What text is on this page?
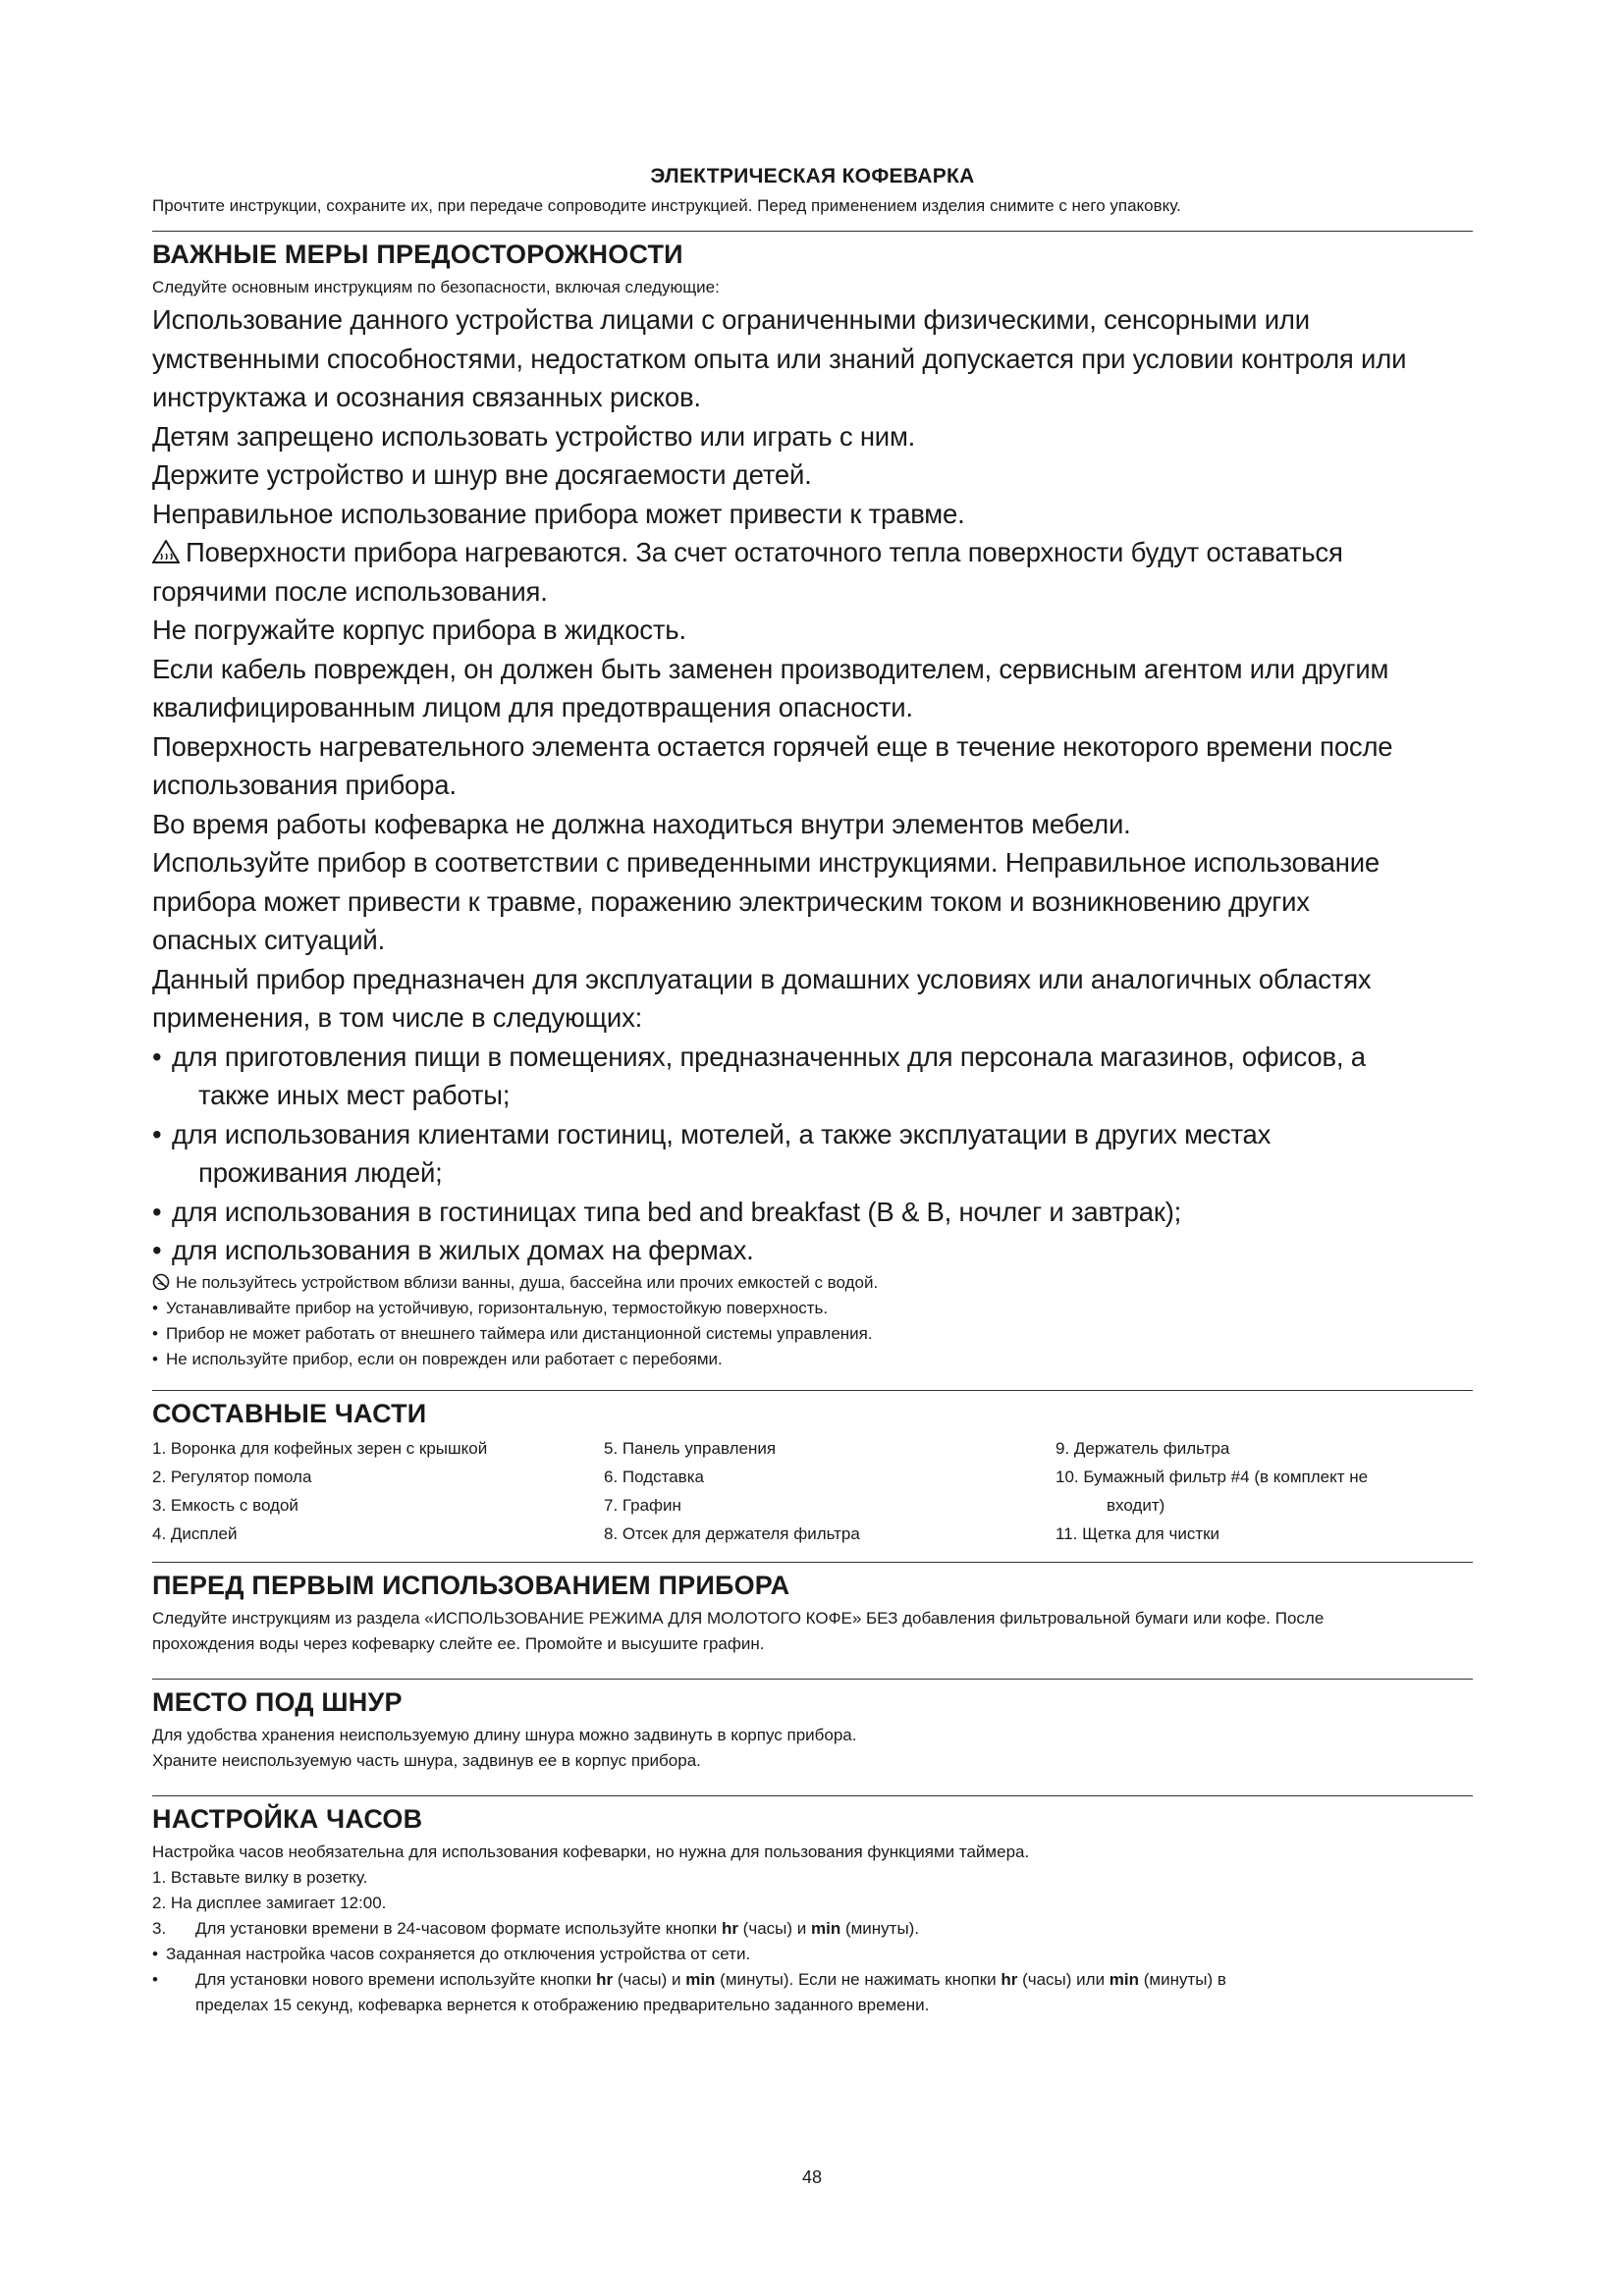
ЭЛЕКТРИЧЕСКАЯ КОФЕВАРКА

Прочтите инструкции, сохраните их, при передаче сопроводите инструкцией. Перед применением изделия снимите с него упаковку.

ВАЖНЫЕ МЕРЫ ПРЕДОСТОРОЖНОСТИ

Следуйте основным инструкциям по безопасности, включая следующие:

Использование данного устройства лицами с ограниченными физическими, сенсорными или

умственными способностями, недостатком опыта или знаний допускается при условии контроля или

инструктажа и осознания связанных рисков.

Детям запрещено использовать устройство или играть с ним.

Держите устройство и шнур вне досягаемости детей.

Неправильное использование прибора может привести к травме.

Поверхности прибора нагреваются. За счет остаточного тепла поверхности будут оставаться

горячими после использования.

Не погружайте корпус прибора в жидкость.

Если кабель поврежден, он должен быть заменен производителем, сервисным агентом или другим

квалифицированным лицом для предотвращения опасности.

Поверхность нагревательного элемента остается горячей еще в течение некоторого времени после

использования прибора.

Во время работы кофеварка не должна находиться внутри элементов мебели.

Используйте прибор в соответствии с приведенными инструкциями. Неправильное использование

прибора может привести к травме, поражению электрическим током и возникновению других

опасных ситуаций.

Данный прибор предназначен для эксплуатации в домашних условиях или аналогичных областях

применения, в том числе в следующих:

• для приготовления пищи в помещениях, предназначенных для персонала магазинов, офисов, а
также иных мест работы;
• для использования клиентами гостиниц, мотелей, а также эксплуатации в других местах
проживания людей;
• для использования в гостиницах типа bed and breakfast (B & B, ночлег и завтрак);
• для использования в жилых домах на фермах.

Не пользуйтесь устройством вблизи ванны, душа, бассейна или прочих емкостей с водой.

• Устанавливайте прибор на устойчивую, горизонтальную, термостойкую поверхность.

• Прибор не может работать от внешнего таймера или дистанционной системы управления.

• Не используйте прибор, если он поврежден или работает с перебоями.

СОСТАВНЫЕ ЧАСТИ
1. Воронка для кофейных зерен с крышкой
2. Регулятор помола
3. Емкость с водой
4. Дисплей
5. Панель управления
6. Подставка
7. Графин
8. Отсек для держателя фильтра
9. Держатель фильтра
10. Бумажный фильтр #4 (в комплект не
входит)
11. Щетка для чистки
ПЕРЕД ПЕРВЫМ ИСПОЛЬЗОВАНИЕМ ПРИБОРА

Следуйте инструкциям из раздела «ИСПОЛЬЗОВАНИЕ РЕЖИМА ДЛЯ МОЛОТОГО КОФЕ» БЕЗ добавления фильтровальной бумаги или кофе. После

прохождения воды через кофеварку слейте ее. Промойте и высушите графин.

МЕСТО ПОД ШНУР

Для удобства хранения неиспользуемую длину шнура можно задвинуть в корпус прибора.

Храните неиспользуемую часть шнура, задвинув ее в корпус прибора.

НАСТРОЙКА ЧАСОВ

Настройка часов необязательна для использования кофеварки, но нужна для пользования функциями таймера.

1. Вставьте вилку в розетку.

2. На дисплее замигает 12:00.

3. Для установки времени в 24-часовом формате используйте кнопки hr (часы) и min (минуты).

• Заданная настройка часов сохраняется до отключения устройства от сети.

• Для установки нового времени используйте кнопки hr (часы) и min (минуты). Если не нажимать кнопки hr (часы) или min (минуты) в
пределах 15 секунд, кофеварка вернется к отображению предварительно заданного времени.

48
